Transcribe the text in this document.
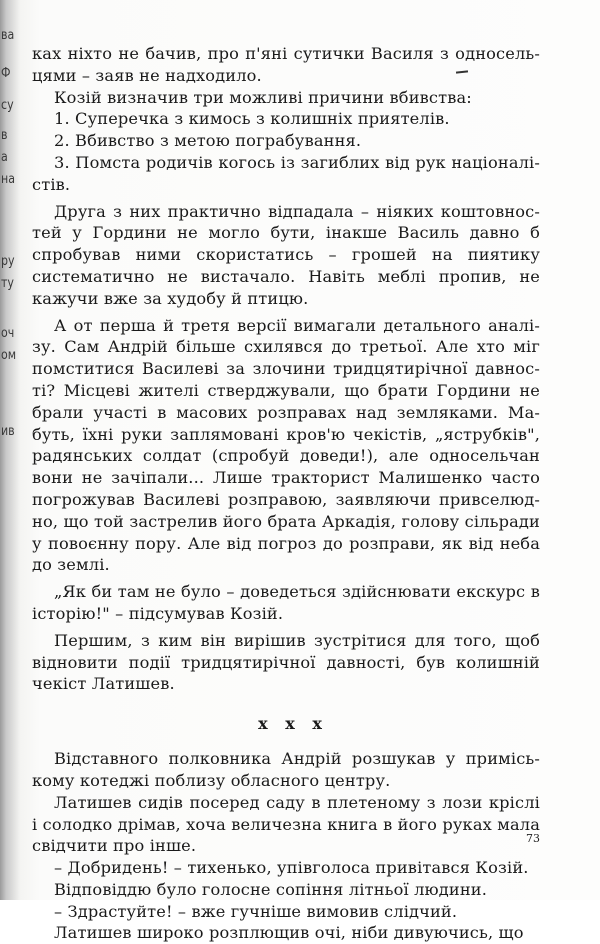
ва
Ф
су
в
а
на
ру
ту
оч
ом
ив

ках ніхто не бачив, про п'яні сутички Василя з односель-цями – заяв не надходило.

Козій визначив три можливі причини вбивства:

1. Суперечка з кимось з колишніх приятелів.

2. Вбивство з метою пограбування.

3. Помста родичів когось із загиблих від рук націоналі-стів.

Друга з них практично відпадала – ніяких коштовнос-тей у Гордини не могло бути, інакше Василь давно б спробував ними скористатись – грошей на пиятику систематично не вистачало. Навіть меблі пропив, не кажучи вже за худобу й птицю.

А от перша й третя версії вимагали детального аналі-зу. Сам Андрій більше схилявся до третьої. Але хто міг помститися Василеві за злочини тридцятирічної давнос-ті? Місцеві жителі стверджували, що брати Гордини не брали участі в масових розправах над земляками. Ма-буть, їхні руки заплямовані кров'ю чекістів, „яструбків", радянських солдат (спробуй доведи!), але односельчан вони не зачіпали... Лише тракторист Малишенко часто погрожував Василеві розправою, заявляючи привселюд-но, що той застрелив його брата Аркадія, голову сільради у повоєнну пору. Але від погроз до розправи, як від неба до землі.

„Як би там не було – доведеться здійснювати екскурс в історію!" – підсумував Козій.

Першим, з ким він вирішив зустрітися для того, щоб відновити події тридцятирічної давності, був колишній чекіст Латишев.

х х х

Відставного полковника Андрій розшукав у примісь-кому котеджі поблизу обласного центру.

Латишев сидів посеред саду в плетеному з лози кріслі і солодко дрімав, хоча величезна книга в його руках мала свідчити про інше.

– Добридень! – тихенько, упівголоса привітався Козій.

Відповіддю було голосне сопіння літньої людини.

– Здрастуйте! – вже гучніше вимовив слідчий.

Латишев широко розплющив очі, ніби дивуючись, що

73
